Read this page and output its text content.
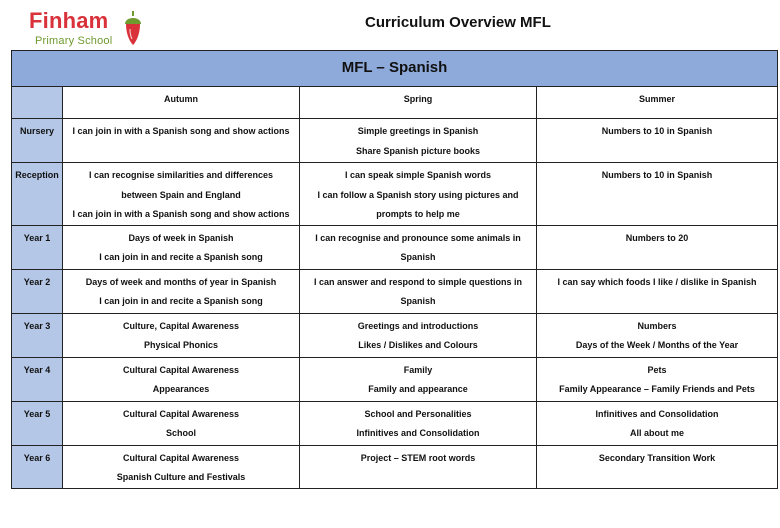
Finham
Primary School
Curriculum Overview MFL
MFL – Spanish			
	Autumn	Spring	Summer
Nursery	I can join in with a Spanish song and show actions	Simple greetings in Spanish
Share Spanish picture books	Numbers to 10 in Spanish

Reception	I can recognise similarities and differences
between Spain and England
I can join in with a Spanish song and show actions	I can speak simple Spanish words
I can follow a Spanish story using pictures and
prompts to help me	Numbers to 10 in Spanish

Year 1	Days of week in Spanish
I can join in and recite a Spanish song	I can recognise and pronounce some animals in
Spanish	Numbers to 20

Year 2	Days of week and months of year in Spanish
I can join in and recite a Spanish song	I can answer and respond to simple questions in
Spanish	I can say which foods I like / dislike in Spanish

Year 3	Culture, Capital Awareness
Physical Phonics	Greetings and introductions
Likes / Dislikes and Colours	Numbers
Days of the Week / Months of the Year

Year 4	Cultural Capital Awareness
Appearances	Family
Family and appearance	Pets
Family Appearance – Family Friends and Pets

Year 5	Cultural Capital Awareness
School	School and Personalities
Infinitives and Consolidation	Infinitives and Consolidation
All about me

Year 6	Cultural Capital Awareness
Spanish Culture and Festivals	Project – STEM root words	Secondary Transition Work
